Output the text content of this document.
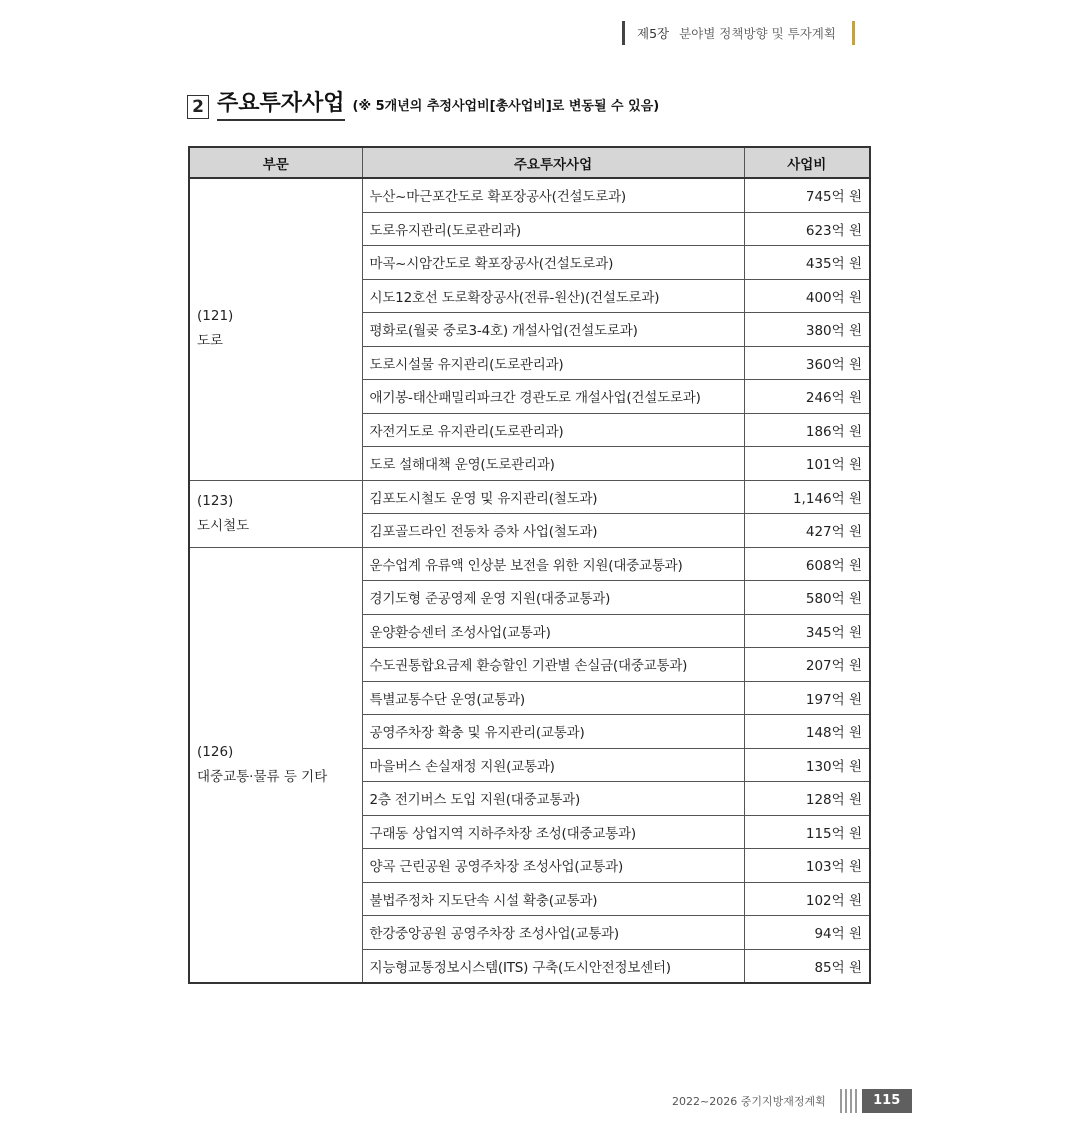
제5장 분야별 정책방향 및 투자계획
2 주요투자사업 (※ 5개년의 추정사업비[총사업비]로 변동될 수 있음)
부문	주요투자사업	사업비

(121)
도로	누산~마근포간도로 확포장공사(건설도로과)	745억 원
	도로유지관리(도로관리과)	623억 원
	마곡~시암간도로 확포장공사(건설도로과)	435억 원
	시도12호선 도로확장공사(전류-원산)(건설도로과)	400억 원
	평화로(월곶 중로3-4호) 개설사업(건설도로과)	380억 원
	도로시설물 유지관리(도로관리과)	360억 원
	애기봉-태산패밀리파크간 경관도로 개설사업(건설도로과)	246억 원
	자전거도로 유지관리(도로관리과)	186억 원
	도로 설해대책 운영(도로관리과)	101억 원

(123)
도시철도	김포도시철도 운영 및 유지관리(철도과)	1,146억 원
	김포골드라인 전동차 증차 사업(철도과)	427억 원

(126)
대중교통·물류 등 기타	운수업계 유류액 인상분 보전을 위한 지원(대중교통과)	608억 원
	경기도형 준공영제 운영 지원(대중교통과)	580억 원
	운양환승센터 조성사업(교통과)	345억 원
	수도권통합요금제 환승할인 기관별 손실금(대중교통과)	207억 원
	특별교통수단 운영(교통과)	197억 원
	공영주차장 확충 및 유지관리(교통과)	148억 원
	마을버스 손실재정 지원(교통과)	130억 원
	2층 전기버스 도입 지원(대중교통과)	128억 원
	구래동 상업지역 지하주차장 조성(대중교통과)	115억 원
	양곡 근린공원 공영주차장 조성사업(교통과)	103억 원
	불법주정차 지도단속 시설 확충(교통과)	102억 원
	한강중앙공원 공영주차장 조성사업(교통과)	94억 원
	지능형교통정보시스템(ITS) 구축(도시안전정보센터)	85억 원
2022~2026 중기지방재정계획	115
